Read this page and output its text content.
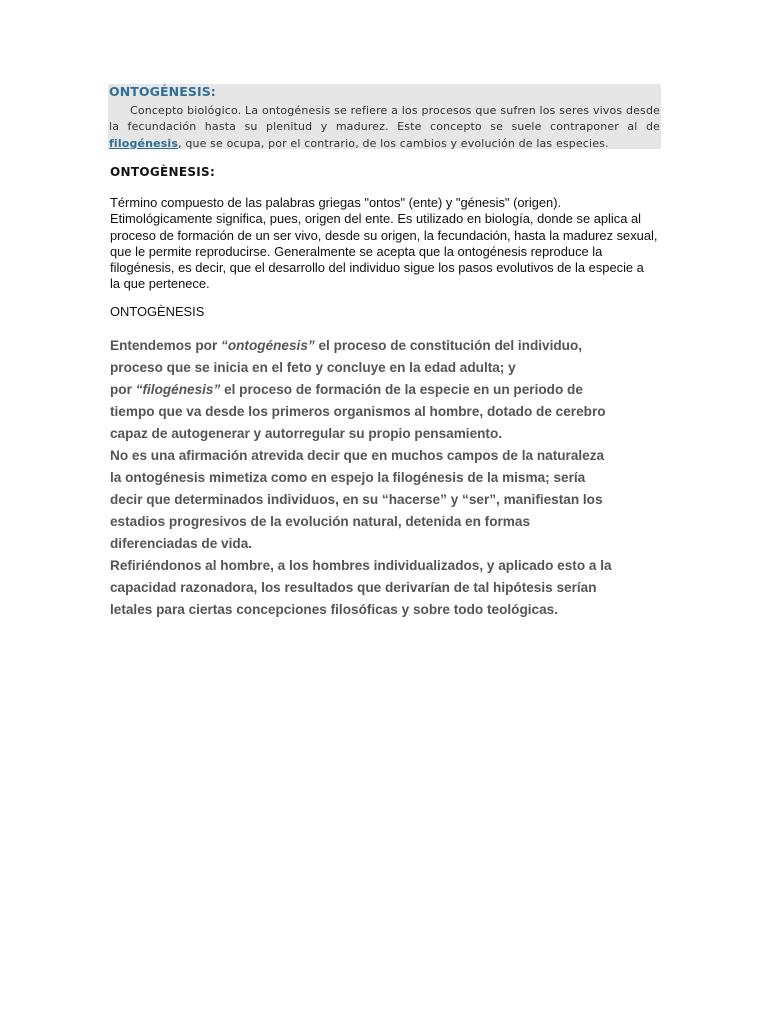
ONTOGÉNESIS:
Concepto biológico. La ontogénesis se refiere a los procesos que sufren los seres vivos desde la fecundación hasta su plenitud y madurez. Este concepto se suele contraponer al de filogénesis, que se ocupa, por el contrario, de los cambios y evolución de las especies.
ONTOGÈNESIS:
Término compuesto de las palabras griegas "ontos" (ente) y "génesis" (origen).
Etimológicamente significa, pues, origen del ente. Es utilizado en biología, donde se aplica al
proceso de formación de un ser vivo, desde su origen, la fecundación, hasta la madurez sexual,
que le permite reproducirse. Generalmente se acepta que la ontogénesis reproduce la
filogénesis, es decir, que el desarrollo del individuo sigue los pasos evolutivos de la especie a
la que pertenece.
ONTOGÈNESIS
Entendemos por “ontogénesis” el proceso de constitución del individuo,
proceso que se inicia en el feto y concluye en la edad adulta; y
por “filogénesis” el proceso de formación de la especie en un periodo de
tiempo que va desde los primeros organismos al hombre, dotado de cerebro
capaz de autogenerar y autorregular su propio pensamiento.
No es una afirmación atrevida decir que en muchos campos de la naturaleza
la ontogénesis mimetiza como en espejo la filogénesis de la misma; sería
decir que determinados individuos, en su “hacerse” y “ser”, manifiestan los
estadios progresivos de la evolución natural, detenida en formas
diferenciadas de vida.
Refiriéndonos al hombre, a los hombres individualizados, y aplicado esto a la
capacidad razonadora, los resultados que derivarían de tal hipótesis serían
letales para ciertas concepciones filosóficas y sobre todo teológicas.
